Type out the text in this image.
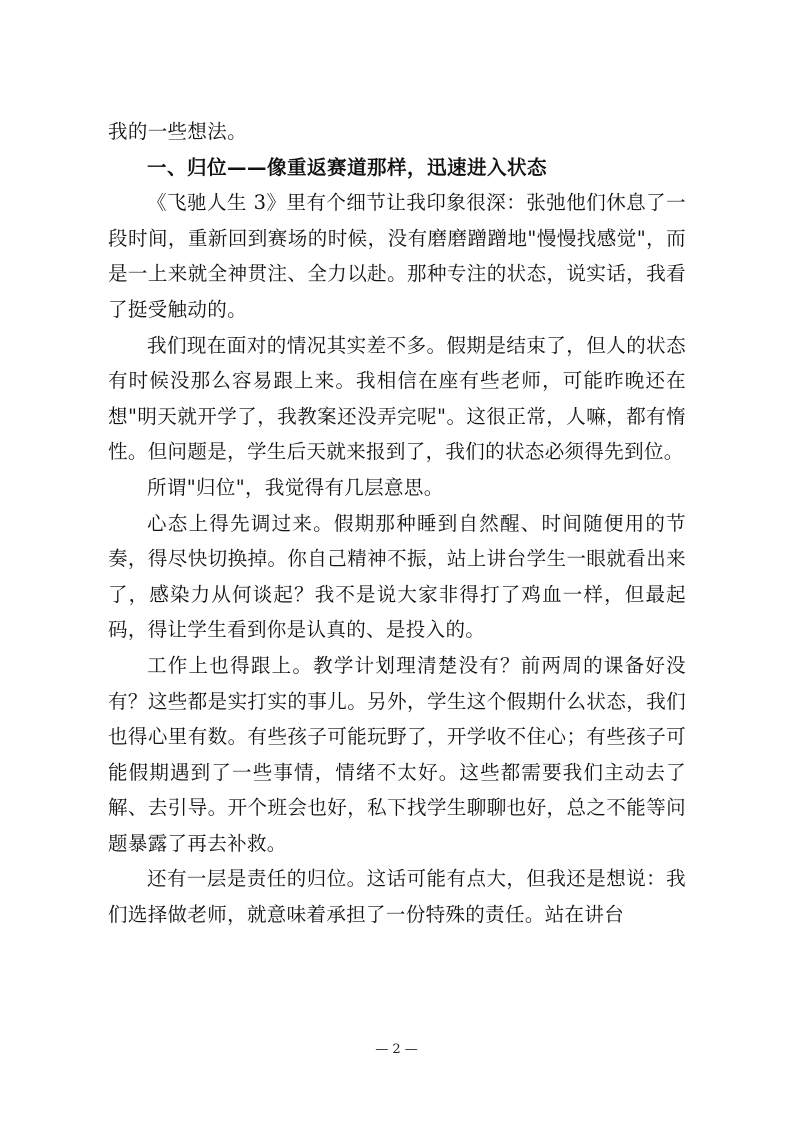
我的一些想法。

一、归位——像重返赛道那样，迅速进入状态

《飞驰人生 3》里有个细节让我印象很深：张弛他们休息了一段时间，重新回到赛场的时候，没有磨磨蹭蹭地"慢慢找感觉"，而是一上来就全神贯注、全力以赴。那种专注的状态，说实话，我看了挺受触动的。

我们现在面对的情况其实差不多。假期是结束了，但人的状态有时候没那么容易跟上来。我相信在座有些老师，可能昨晚还在想"明天就开学了，我教案还没弄完呢"。这很正常，人嘛，都有惰性。但问题是，学生后天就来报到了，我们的状态必须得先到位。

所谓"归位"，我觉得有几层意思。

心态上得先调过来。假期那种睡到自然醒、时间随便用的节奏，得尽快切换掉。你自己精神不振，站上讲台学生一眼就看出来了，感染力从何谈起？我不是说大家非得打了鸡血一样，但最起码，得让学生看到你是认真的、是投入的。

工作上也得跟上。教学计划理清楚没有？前两周的课备好没有？这些都是实打实的事儿。另外，学生这个假期什么状态，我们也得心里有数。有些孩子可能玩野了，开学收不住心；有些孩子可能假期遇到了一些事情，情绪不太好。这些都需要我们主动去了解、去引导。开个班会也好，私下找学生聊聊也好，总之不能等问题暴露了再去补救。

还有一层是责任的归位。这话可能有点大，但我还是想说：我们选择做老师，就意味着承担了一份特殊的责任。站在讲台

— 2 —
